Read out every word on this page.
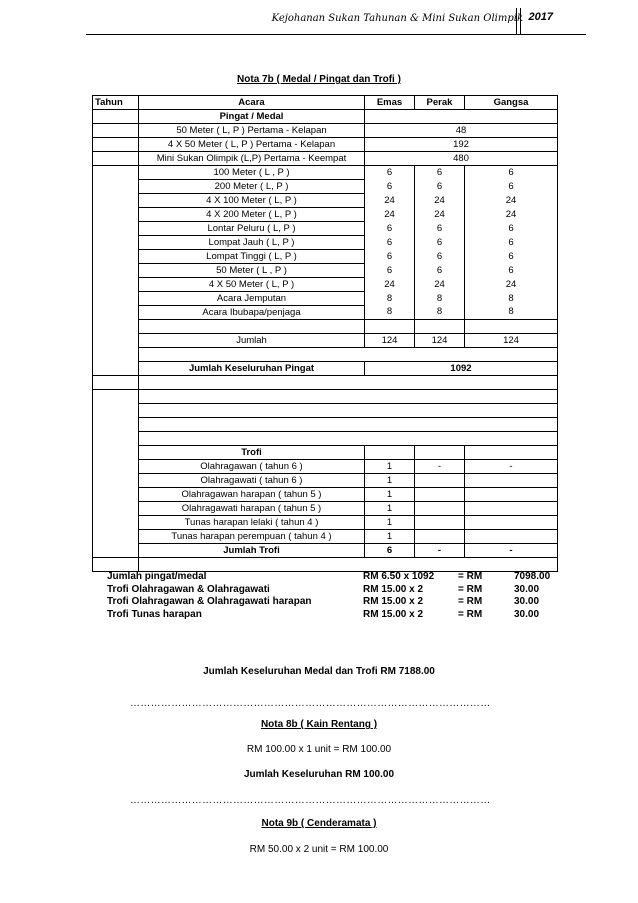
Kejohanan Sukan Tahunan & Mini Sukan Olimpik 2017
Nota 7b ( Medal / Pingat dan Trofi )
Tahun	Acara	Emas	Perak	Gangsa
	Pingat / Medal			
	50 Meter ( L, P ) Pertama - Kelapan	48		
	4 X 50 Meter ( L, P ) Pertama - Kelapan	192		
	Mini Sukan Olimpik (L,P) Pertama - Keempat	480		
	100 Meter ( L , P )	6	6	6
	200 Meter ( L, P )	6	6	6
	4 X 100 Meter ( L, P )	24	24	24
	4 X 200 Meter ( L, P )	24	24	24
	Lontar Peluru ( L, P )	6	6	6
	Lompat Jauh ( L, P )	6	6	6
	Lompat Tinggi ( L, P )	6	6	6
	50 Meter ( L , P )	6	6	6
	4 X 50 Meter ( L, P )	24	24	24
	Acara Jemputan	8	8	8
	Acara Ibubapa/penjaga	8	8	8

	Jumlah	124	124	124

	Jumlah Keseluruhan Pingat	1092		

	Trofi			
	Olahragawan ( tahun 6 )	1	-	-
	Olahragawati ( tahun 6 )	1		
	Olahragawan harapan ( tahun 5 )	1		
	Olahragawati harapan ( tahun 5 )	1		
	Tunas harapan lelaki ( tahun 4 )	1		
	Tunas harapan perempuan ( tahun 4 )	1		
	Jumlah Trofi	6	-	-

Jumlah pingat/medal	RM 6.50 x 1092	= RM	7098.00
Trofi Olahragawan & Olahragawati	RM 15.00 x 2	= RM	30.00
Trofi Olahragawan & Olahragawati harapan	RM 15.00 x 2	= RM	30.00
Trofi Tunas harapan	RM 15.00 x 2	= RM	30.00
Jumlah Keseluruhan Medal dan Trofi RM 7188.00
……………………………………………………………………………………………
Nota 8b ( Kain Rentang )
RM 100.00 x 1 unit = RM 100.00
Jumlah Keseluruhan RM 100.00
……………………………………………………………………………………………
Nota 9b ( Cenderamata )
RM 50.00 x 2 unit = RM 100.00
